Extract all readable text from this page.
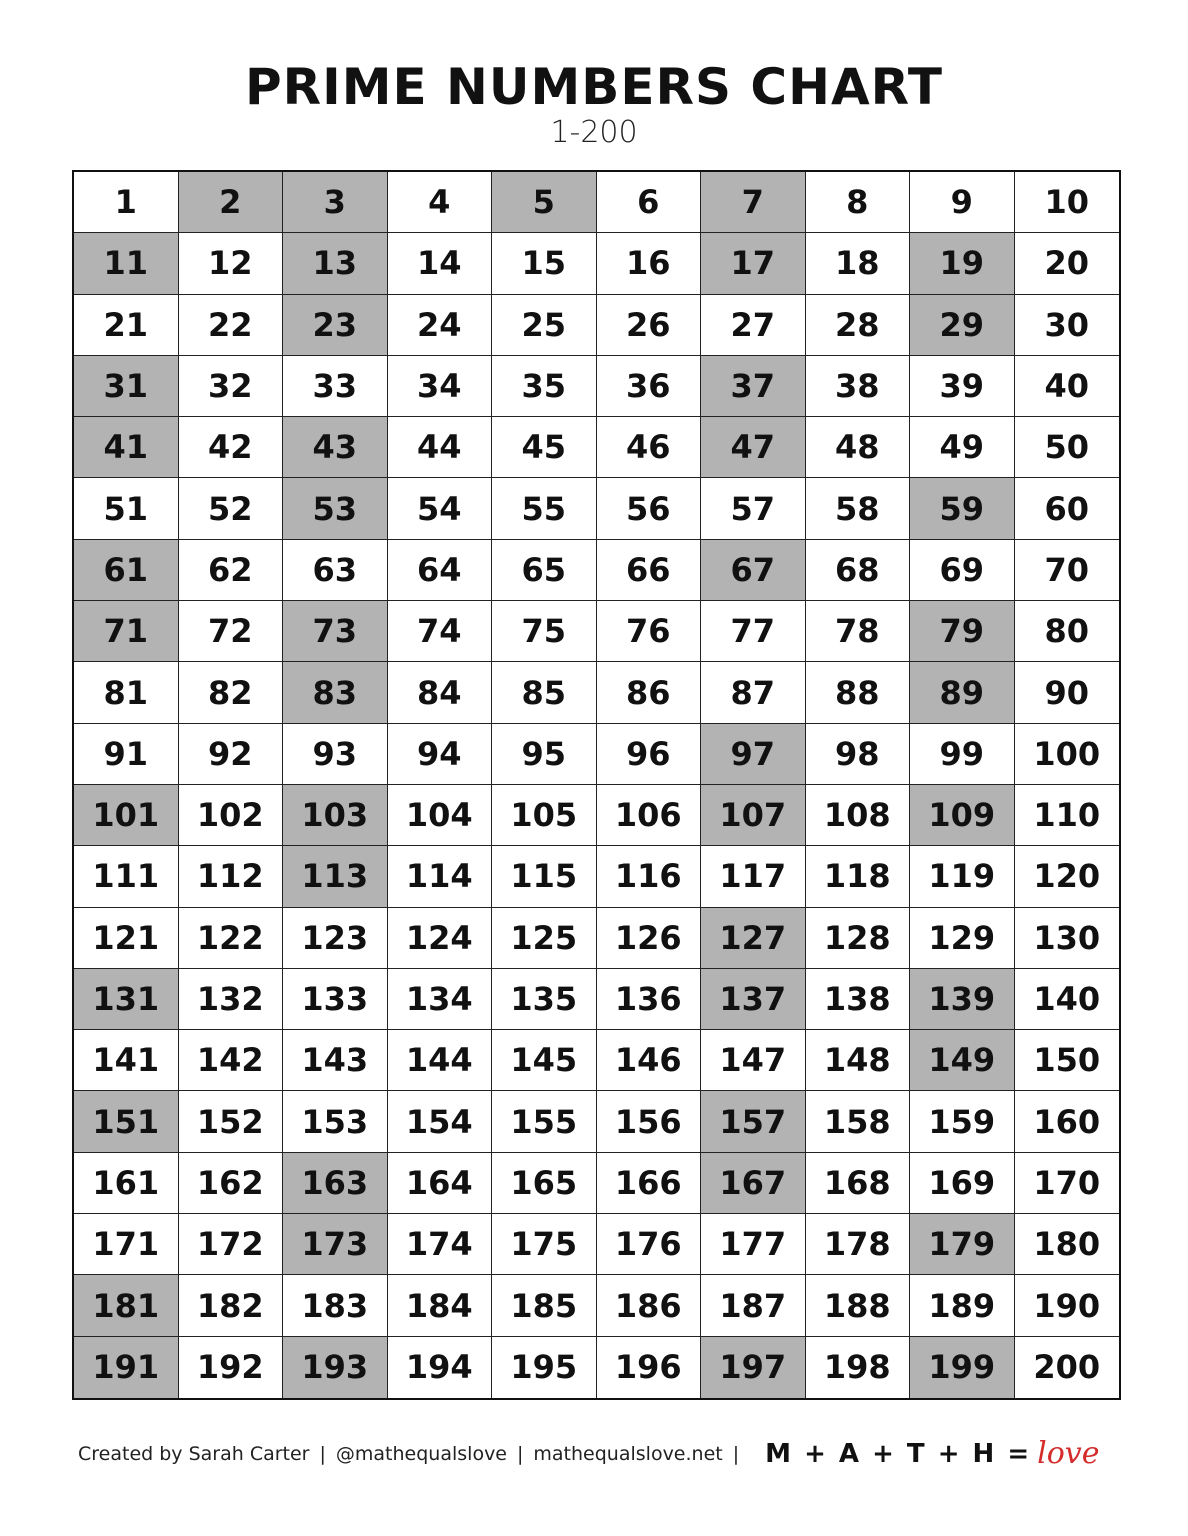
PRIME NUMBERS CHART
1-200
1	2	3	4	5	6	7	8	9	10
11	12	13	14	15	16	17	18	19	20
21	22	23	24	25	26	27	28	29	30
31	32	33	34	35	36	37	38	39	40
41	42	43	44	45	46	47	48	49	50
51	52	53	54	55	56	57	58	59	60
61	62	63	64	65	66	67	68	69	70
71	72	73	74	75	76	77	78	79	80
81	82	83	84	85	86	87	88	89	90
91	92	93	94	95	96	97	98	99	100
101	102	103	104	105	106	107	108	109	110
111	112	113	114	115	116	117	118	119	120
121	122	123	124	125	126	127	128	129	130
131	132	133	134	135	136	137	138	139	140
141	142	143	144	145	146	147	148	149	150
151	152	153	154	155	156	157	158	159	160
161	162	163	164	165	166	167	168	169	170
171	172	173	174	175	176	177	178	179	180
181	182	183	184	185	186	187	188	189	190
191	192	193	194	195	196	197	198	199	200
Created by Sarah Carter | @mathequalslove | mathequalslove.net | M + A + T + H = love
